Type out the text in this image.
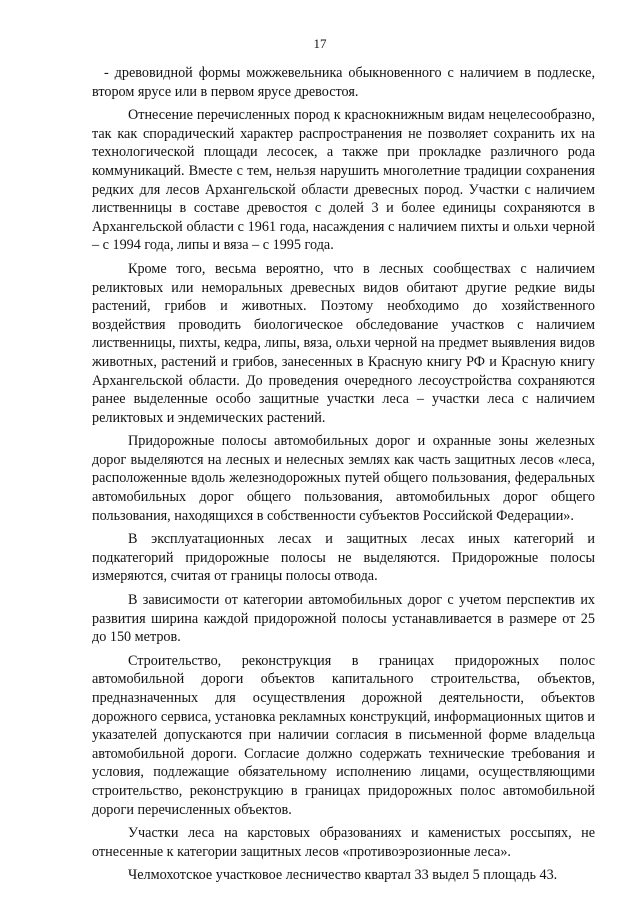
17

- древовидной формы можжевельника обыкновенного с наличием в подлеске, втором ярусе или в первом ярусе древостоя.

Отнесение перечисленных пород к краснокнижным видам нецелесообразно, так как спорадический характер распространения не позволяет сохранить их на технологической площади лесосек, а также при прокладке различного рода коммуникаций. Вместе с тем, нельзя нарушить многолетние традиции сохранения редких для лесов Архангельской области древесных пород. Участки с наличием лиственницы в составе древостоя с долей 3 и более единицы сохраняются в Архангельской области с 1961 года, насаждения с наличием пихты и ольхи черной – с 1994 года, липы и вяза – с 1995 года.

Кроме того, весьма вероятно, что в лесных сообществах с наличием реликтовых или неморальных древесных видов обитают другие редкие виды растений, грибов и животных. Поэтому необходимо до хозяйственного воздействия проводить биологическое обследование участков с наличием лиственницы, пихты, кедра, липы, вяза, ольхи черной на предмет выявления видов животных, растений и грибов, занесенных в Красную книгу РФ и Красную книгу Архангельской области. До проведения очередного лесоустройства сохраняются ранее выделенные особо защитные участки леса – участки леса с наличием реликтовых и эндемических растений.

Придорожные полосы автомобильных дорог и охранные зоны железных дорог выделяются на лесных и нелесных землях как часть защитных лесов «леса, расположенные вдоль железнодорожных путей общего пользования, федеральных автомобильных дорог общего пользования, автомобильных дорог общего пользования, находящихся в собственности субъектов Российской Федерации».

В эксплуатационных лесах и защитных лесах иных категорий и подкатегорий придорожные полосы не выделяются. Придорожные полосы измеряются, считая от границы полосы отвода.

В зависимости от категории автомобильных дорог с учетом перспектив их развития ширина каждой придорожной полосы устанавливается в размере от 25 до 150 метров.

Строительство, реконструкция в границах придорожных полос автомобильной дороги объектов капитального строительства, объектов, предназначенных для осуществления дорожной деятельности, объектов дорожного сервиса, установка рекламных конструкций, информационных щитов и указателей допускаются при наличии согласия в письменной форме владельца автомобильной дороги. Согласие должно содержать технические требования и условия, подлежащие обязательному исполнению лицами, осуществляющими строительство, реконструкцию в границах придорожных полос автомобильной дороги перечисленных объектов.

Участки леса на карстовых образованиях и каменистых россыпях, не отнесенные к категории защитных лесов «противоэрозионные леса».

Челмохотское участковое лесничество квартал 33 выдел 5 площадь 43.
